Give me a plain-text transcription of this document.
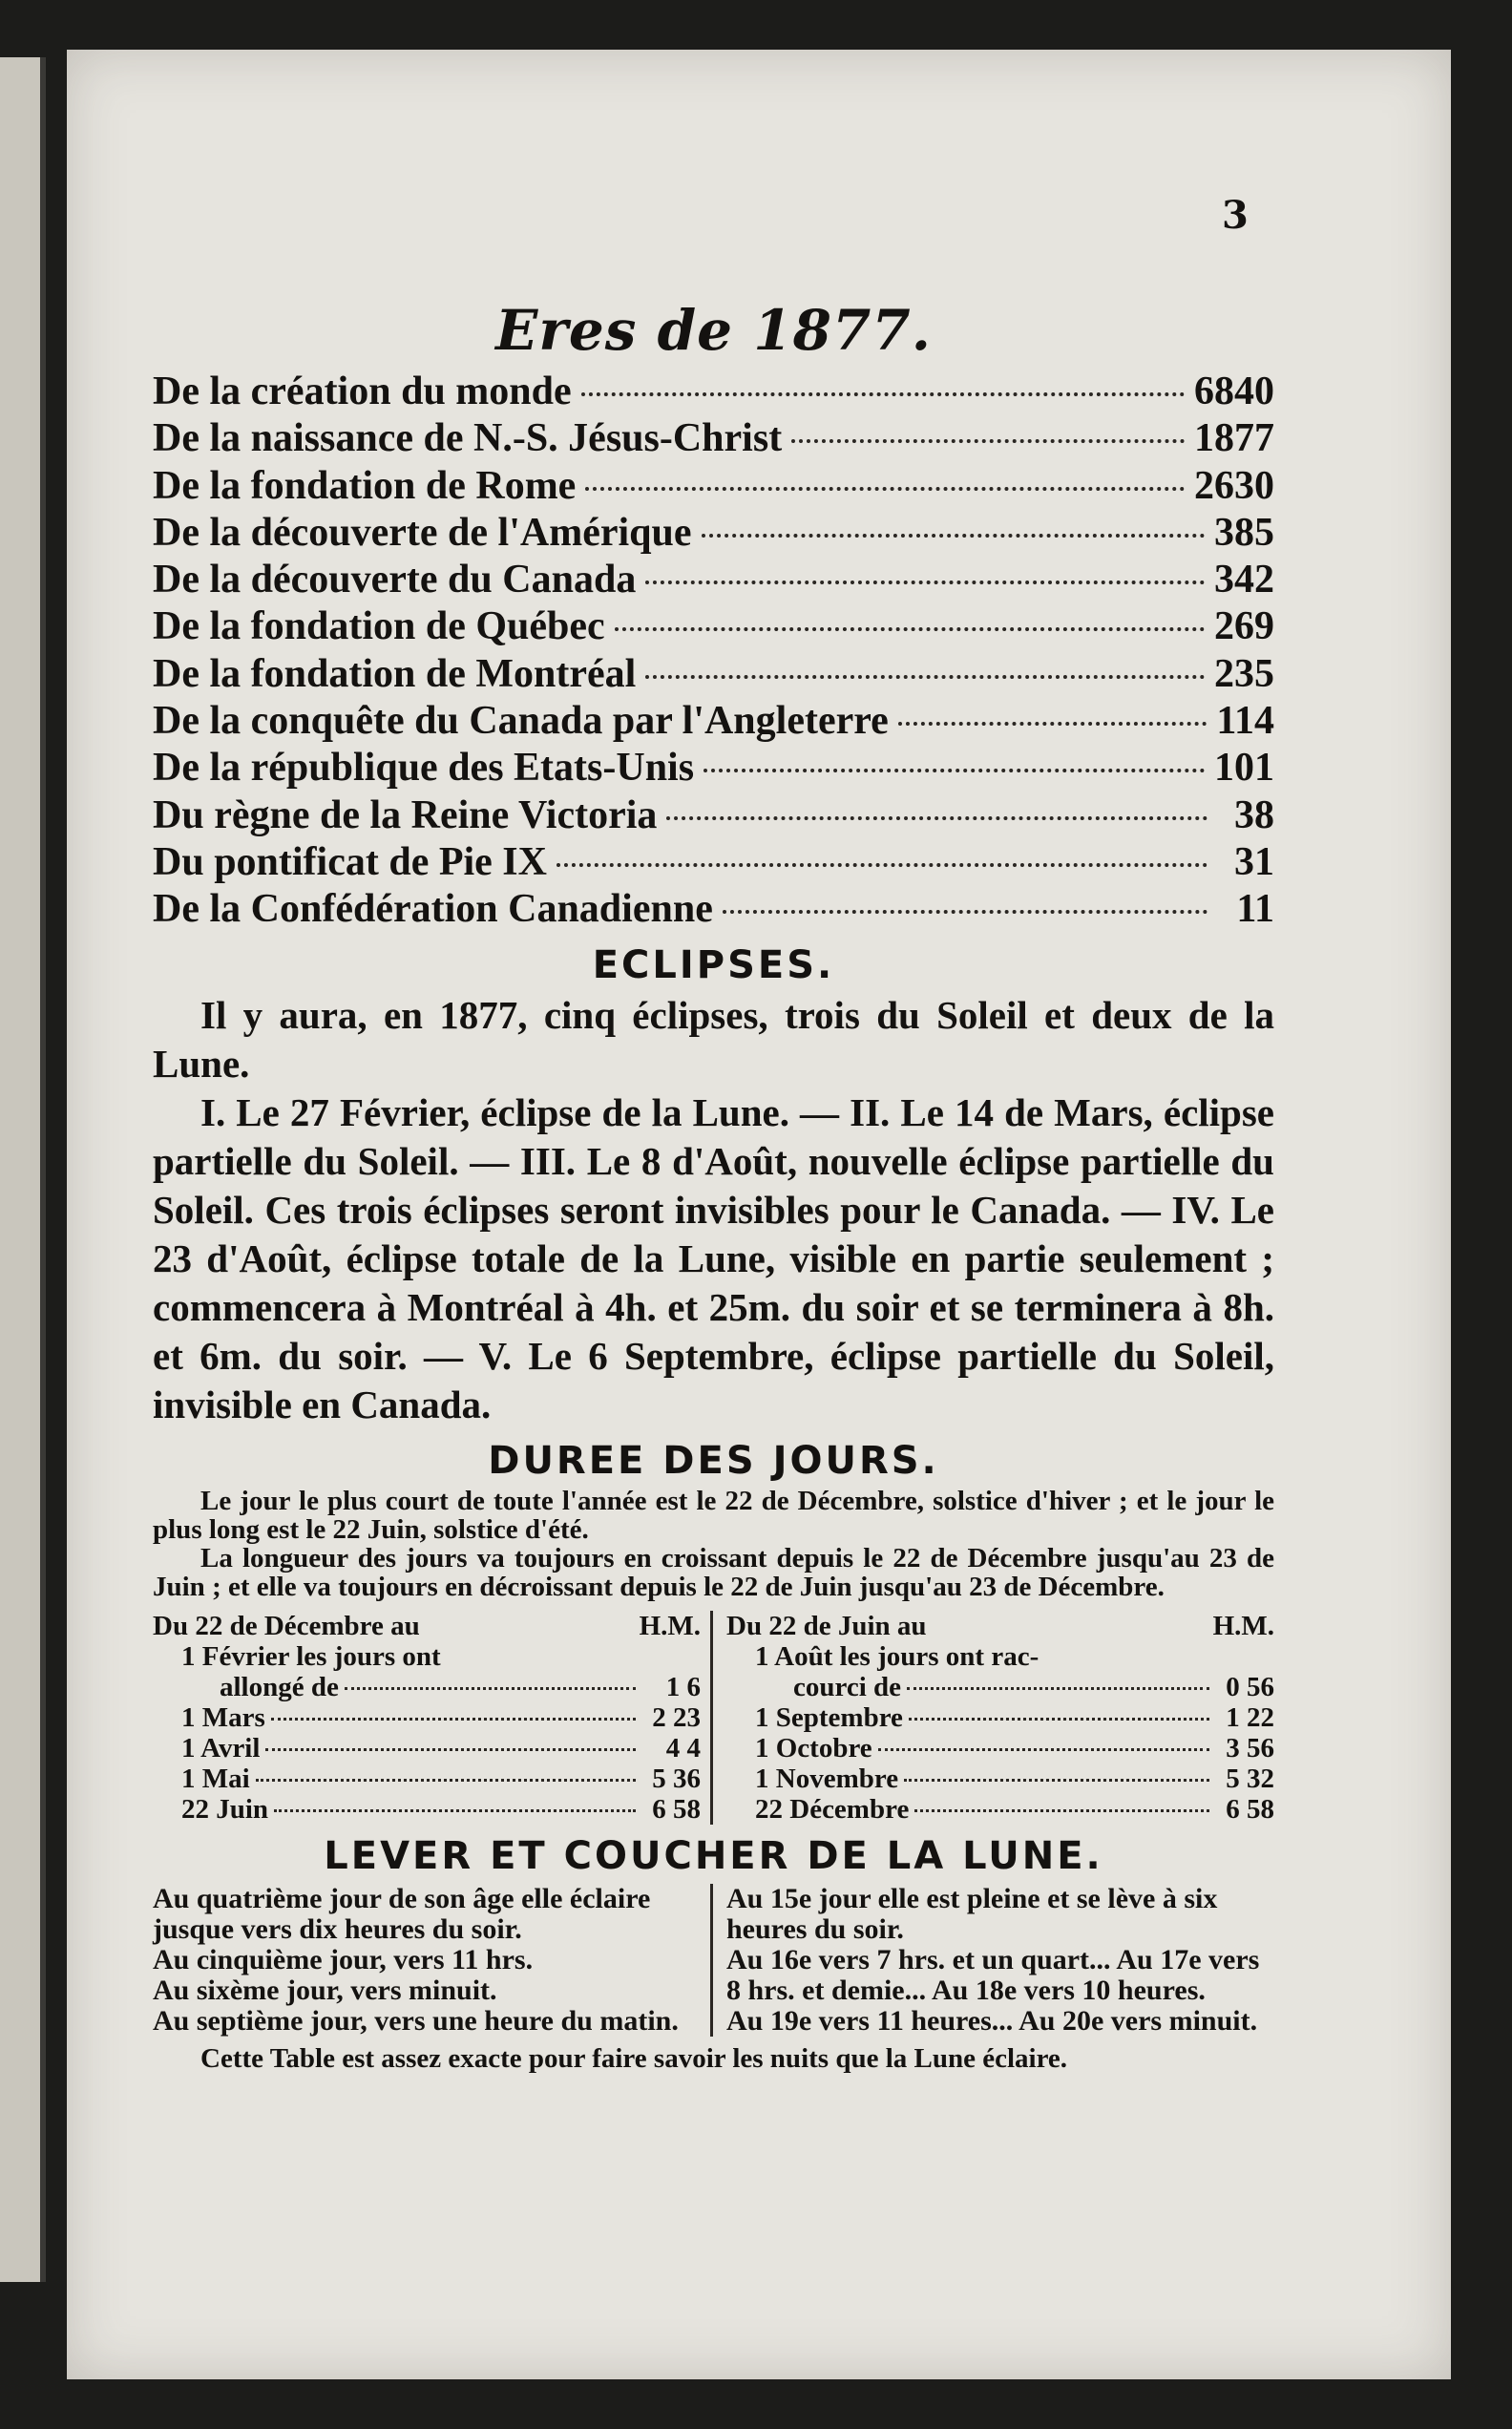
3
Eres de 1877.
De la création du monde	6840
De la naissance de N.-S. Jésus-Christ	1877
De la fondation de Rome	2630
De la découverte de l'Amérique	385
De la découverte du Canada	342
De la fondation de Québec	269
De la fondation de Montréal	235
De la conquête du Canada par l'Angleterre	114
De la république des Etats-Unis	101
Du règne de la Reine Victoria	38
Du pontificat de Pie IX	31
De la Confédération Canadienne	11
ECLIPSES.

Il y aura, en 1877, cinq éclipses, trois du Soleil et deux de la Lune.

I. Le 27 Février, éclipse de la Lune. — II. Le 14 de Mars, éclipse partielle du Soleil. — III. Le 8 d'Août, nouvelle éclipse partielle du Soleil. Ces trois éclipses seront invisibles pour le Canada. — IV. Le 23 d'Août, éclipse totale de la Lune, visible en partie seulement ; commencera à Montréal à 4h. et 25m. du soir et se terminera à 8h. et 6m. du soir. — V. Le 6 Septembre, éclipse partielle du Soleil, invisible en Canada.

DUREE DES JOURS.

Le jour le plus court de toute l'année est le 22 de Décembre, solstice d'hiver ; et le jour le plus long est le 22 Juin, solstice d'été.

La longueur des jours va toujours en croissant depuis le 22 de Décembre jusqu'au 23 de Juin ; et elle va toujours en décroissant depuis le 22 de Juin jusqu'au 23 de Décembre.

Du 22 de Décembre au	H.M.
1 Février les jours ont
allongé de	1 6
1 Mars	2 23
1 Avril	4 4
1 Mai	5 36
22 Juin	6 58
Du 22 de Juin au	H.M.
1 Août les jours ont rac-
courci de	0 56
1 Septembre	1 22
1 Octobre	3 56
1 Novembre	5 32
22 Décembre	6 58
LEVER ET COUCHER DE LA LUNE.

Au quatrième jour de son âge elle éclaire jusque vers dix heures du soir.

Au cinquième jour, vers 11 hrs.

Au sixème jour, vers minuit.

Au septième jour, vers une heure du matin.

Au 15e jour elle est pleine et se lève à six heures du soir.

Au 16e vers 7 hrs. et un quart... Au 17e vers 8 hrs. et demie... Au 18e vers 10 heures.

Au 19e vers 11 heures... Au 20e vers minuit.

Cette Table est assez exacte pour faire savoir les nuits que la Lune éclaire.
